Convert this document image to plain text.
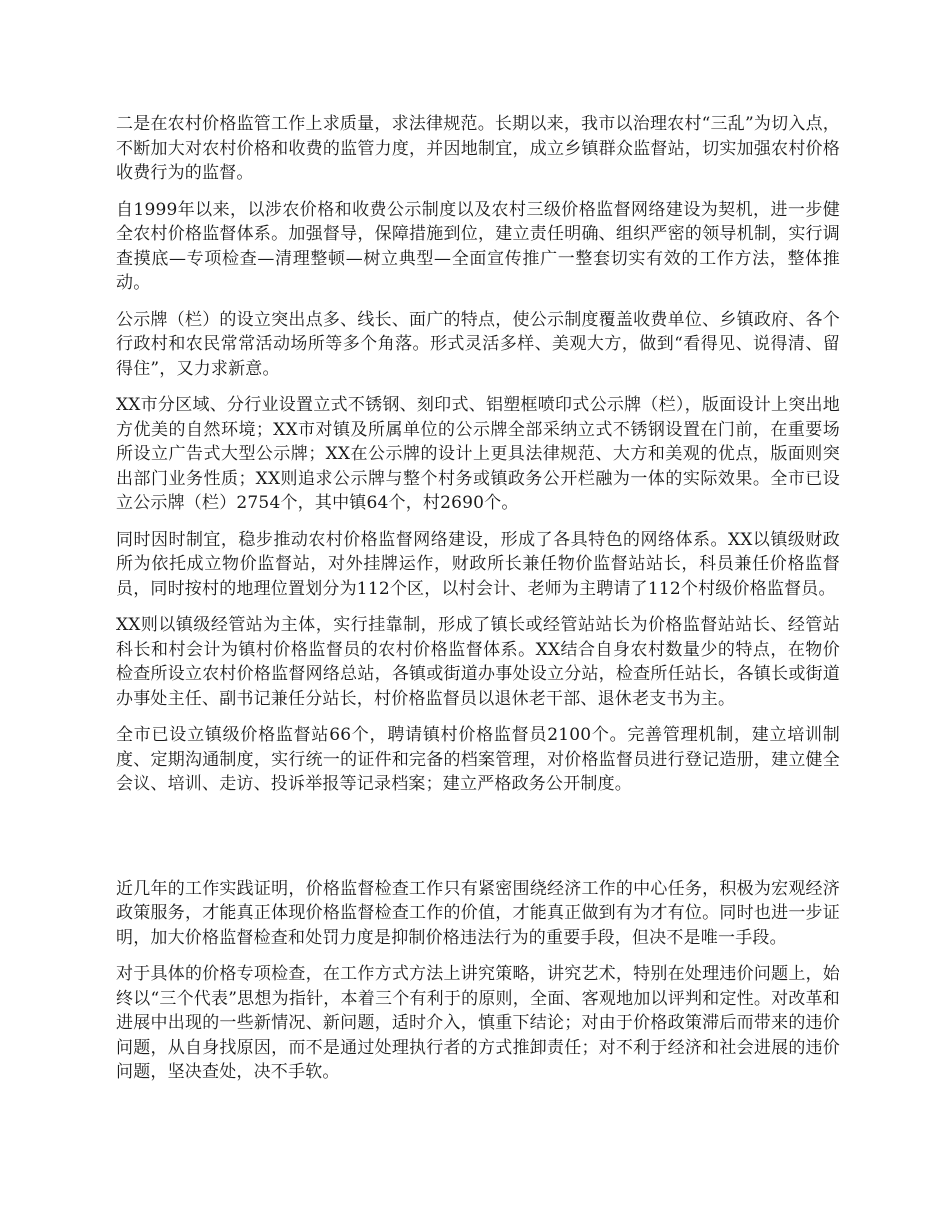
二是在农村价格监管工作上求质量，求法律规范。长期以来，我市以治理农村“三乱”为切入点，不断加大对农村价格和收费的监管力度，并因地制宜，成立乡镇群众监督站，切实加强农村价格收费行为的监督。

自1999年以来，以涉农价格和收费公示制度以及农村三级价格监督网络建设为契机，进一步健全农村价格监督体系。加强督导，保障措施到位，建立责任明确、组织严密的领导机制，实行调查摸底—专项检查—清理整顿—树立典型—全面宣传推广一整套切实有效的工作方法，整体推动。

公示牌（栏）的设立突出点多、线长、面广的特点，使公示制度覆盖收费单位、乡镇政府、各个行政村和农民常常活动场所等多个角落。形式灵活多样、美观大方，做到“看得见、说得清、留得住”，又力求新意。

XX市分区域、分行业设置立式不锈钢、刻印式、铝塑框喷印式公示牌（栏），版面设计上突出地方优美的自然环境；XX市对镇及所属单位的公示牌全部采纳立式不锈钢设置在门前，在重要场所设立广告式大型公示牌；XX在公示牌的设计上更具法律规范、大方和美观的优点，版面则突出部门业务性质；XX则追求公示牌与整个村务或镇政务公开栏融为一体的实际效果。全市已设立公示牌（栏）2754个，其中镇64个，村2690个。

同时因时制宜，稳步推动农村价格监督网络建设，形成了各具特色的网络体系。XX以镇级财政所为依托成立物价监督站，对外挂牌运作，财政所长兼任物价监督站站长，科员兼任价格监督员，同时按村的地理位置划分为112个区，以村会计、老师为主聘请了112个村级价格监督员。

XX则以镇级经管站为主体，实行挂靠制，形成了镇长或经管站站长为价格监督站站长、经管站科长和村会计为镇村价格监督员的农村价格监督体系。XX结合自身农村数量少的特点，在物价检查所设立农村价格监督网络总站，各镇或街道办事处设立分站，检查所任站长，各镇长或街道办事处主任、副书记兼任分站长，村价格监督员以退休老干部、退休老支书为主。

全市已设立镇级价格监督站66个，聘请镇村价格监督员2100个。完善管理机制，建立培训制度、定期沟通制度，实行统一的证件和完备的档案管理，对价格监督员进行登记造册，建立健全会议、培训、走访、投诉举报等记录档案；建立严格政务公开制度。

近几年的工作实践证明，价格监督检查工作只有紧密围绕经济工作的中心任务，积极为宏观经济政策服务，才能真正体现价格监督检查工作的价值，才能真正做到有为才有位。同时也进一步证明，加大价格监督检查和处罚力度是抑制价格违法行为的重要手段，但决不是唯一手段。

对于具体的价格专项检查，在工作方式方法上讲究策略，讲究艺术，特别在处理违价问题上，始终以“三个代表”思想为指针，本着三个有利于的原则，全面、客观地加以评判和定性。对改革和进展中出现的一些新情况、新问题，适时介入，慎重下结论；对由于价格政策滞后而带来的违价问题，从自身找原因，而不是通过处理执行者的方式推卸责任；对不利于经济和社会进展的违价问题，坚决查处，决不手软。
